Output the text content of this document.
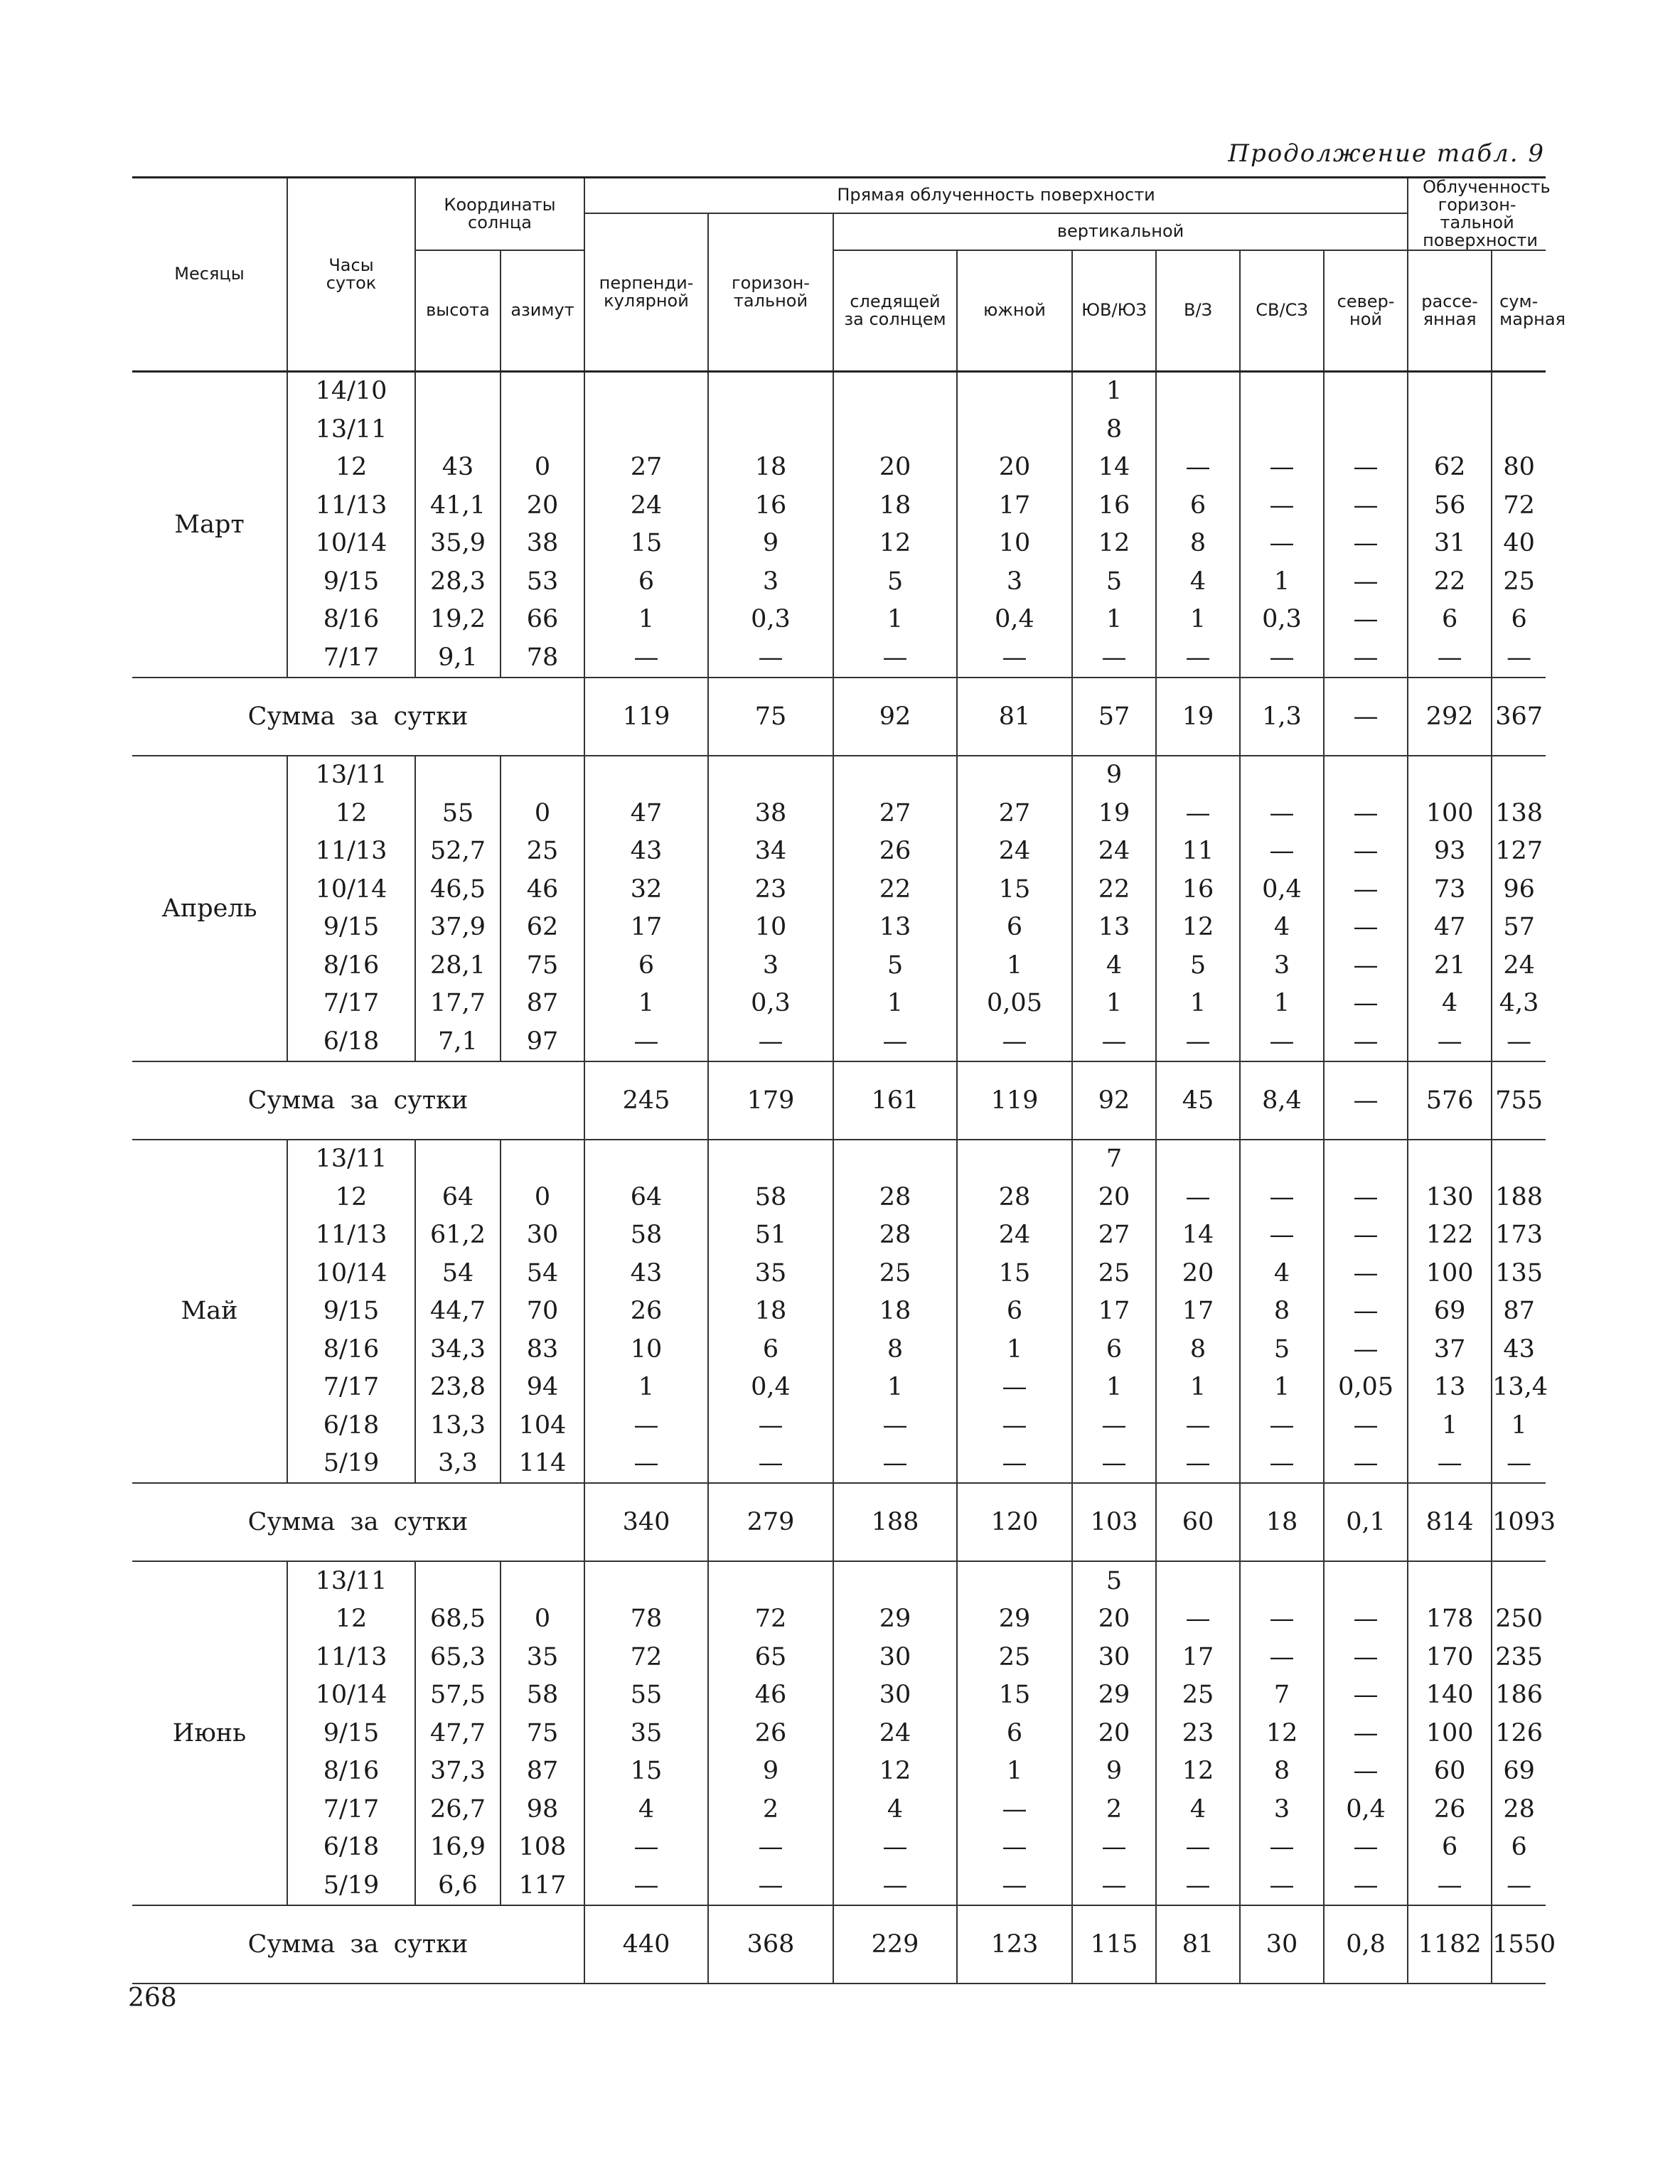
Продолжение табл. 9
Месяцы	Часы суток	Координаты солнца		Прямая облученность поверхности								Облученность горизон-тальной поверхности	
				перпенди-кулярной	горизон-тальной	вертикальной							
		высота	азимут			следящей за солнцем	южной	ЮВ/ЮЗ	В/З	СВ/СЗ	север-ной	рассе-янная	сум-марная
Март	14/10							1					
	13/11							8					
	12	43	0	27	18	20	20	14	—	—	—	62	80
	11/13	41,1	20	24	16	18	17	16	6	—	—	56	72
	10/14	35,9	38	15	9	12	10	12	8	—	—	31	40
	9/15	28,3	53	6	3	5	3	5	4	1	—	22	25
	8/16	19,2	66	1	0,3	1	0,4	1	1	0,3	—	6	6
	7/17	9,1	78	—	—	—	—	—	—	—	—	—	—
Сумма за сутки				119	75	92	81	57	19	1,3	—	292	367
Апрель	13/11							9					
	12	55	0	47	38	27	27	19	—	—	—	100	138
	11/13	52,7	25	43	34	26	24	24	11	—	—	93	127
	10/14	46,5	46	32	23	22	15	22	16	0,4	—	73	96
	9/15	37,9	62	17	10	13	6	13	12	4	—	47	57
	8/16	28,1	75	6	3	5	1	4	5	3	—	21	24
	7/17	17,7	87	1	0,3	1	0,05	1	1	1	—	4	4,3
	6/18	7,1	97	—	—	—	—	—	—	—	—	—	—
Сумма за сутки				245	179	161	119	92	45	8,4	—	576	755
Май	13/11							7					
	12	64	0	64	58	28	28	20	—	—	—	130	188
	11/13	61,2	30	58	51	28	24	27	14	—	—	122	173
	10/14	54	54	43	35	25	15	25	20	4	—	100	135
	9/15	44,7	70	26	18	18	6	17	17	8	—	69	87
	8/16	34,3	83	10	6	8	1	6	8	5	—	37	43
	7/17	23,8	94	1	0,4	1	—	1	1	1	0,05	13	13,4
	6/18	13,3	104	—	—	—	—	—	—	—	—	1	1
	5/19	3,3	114	—	—	—	—	—	—	—	—	—	—
Сумма за сутки				340	279	188	120	103	60	18	0,1	814	1093
Июнь	13/11							5					
	12	68,5	0	78	72	29	29	20	—	—	—	178	250
	11/13	65,3	35	72	65	30	25	30	17	—	—	170	235
	10/14	57,5	58	55	46	30	15	29	25	7	—	140	186
	9/15	47,7	75	35	26	24	6	20	23	12	—	100	126
	8/16	37,3	87	15	9	12	1	9	12	8	—	60	69
	7/17	26,7	98	4	2	4	—	2	4	3	0,4	26	28
	6/18	16,9	108	—	—	—	—	—	—	—	—	6	6
	5/19	6,6	117	—	—	—	—	—	—	—	—	—	—
Сумма за сутки				440	368	229	123	115	81	30	0,8	1182	1550
268
